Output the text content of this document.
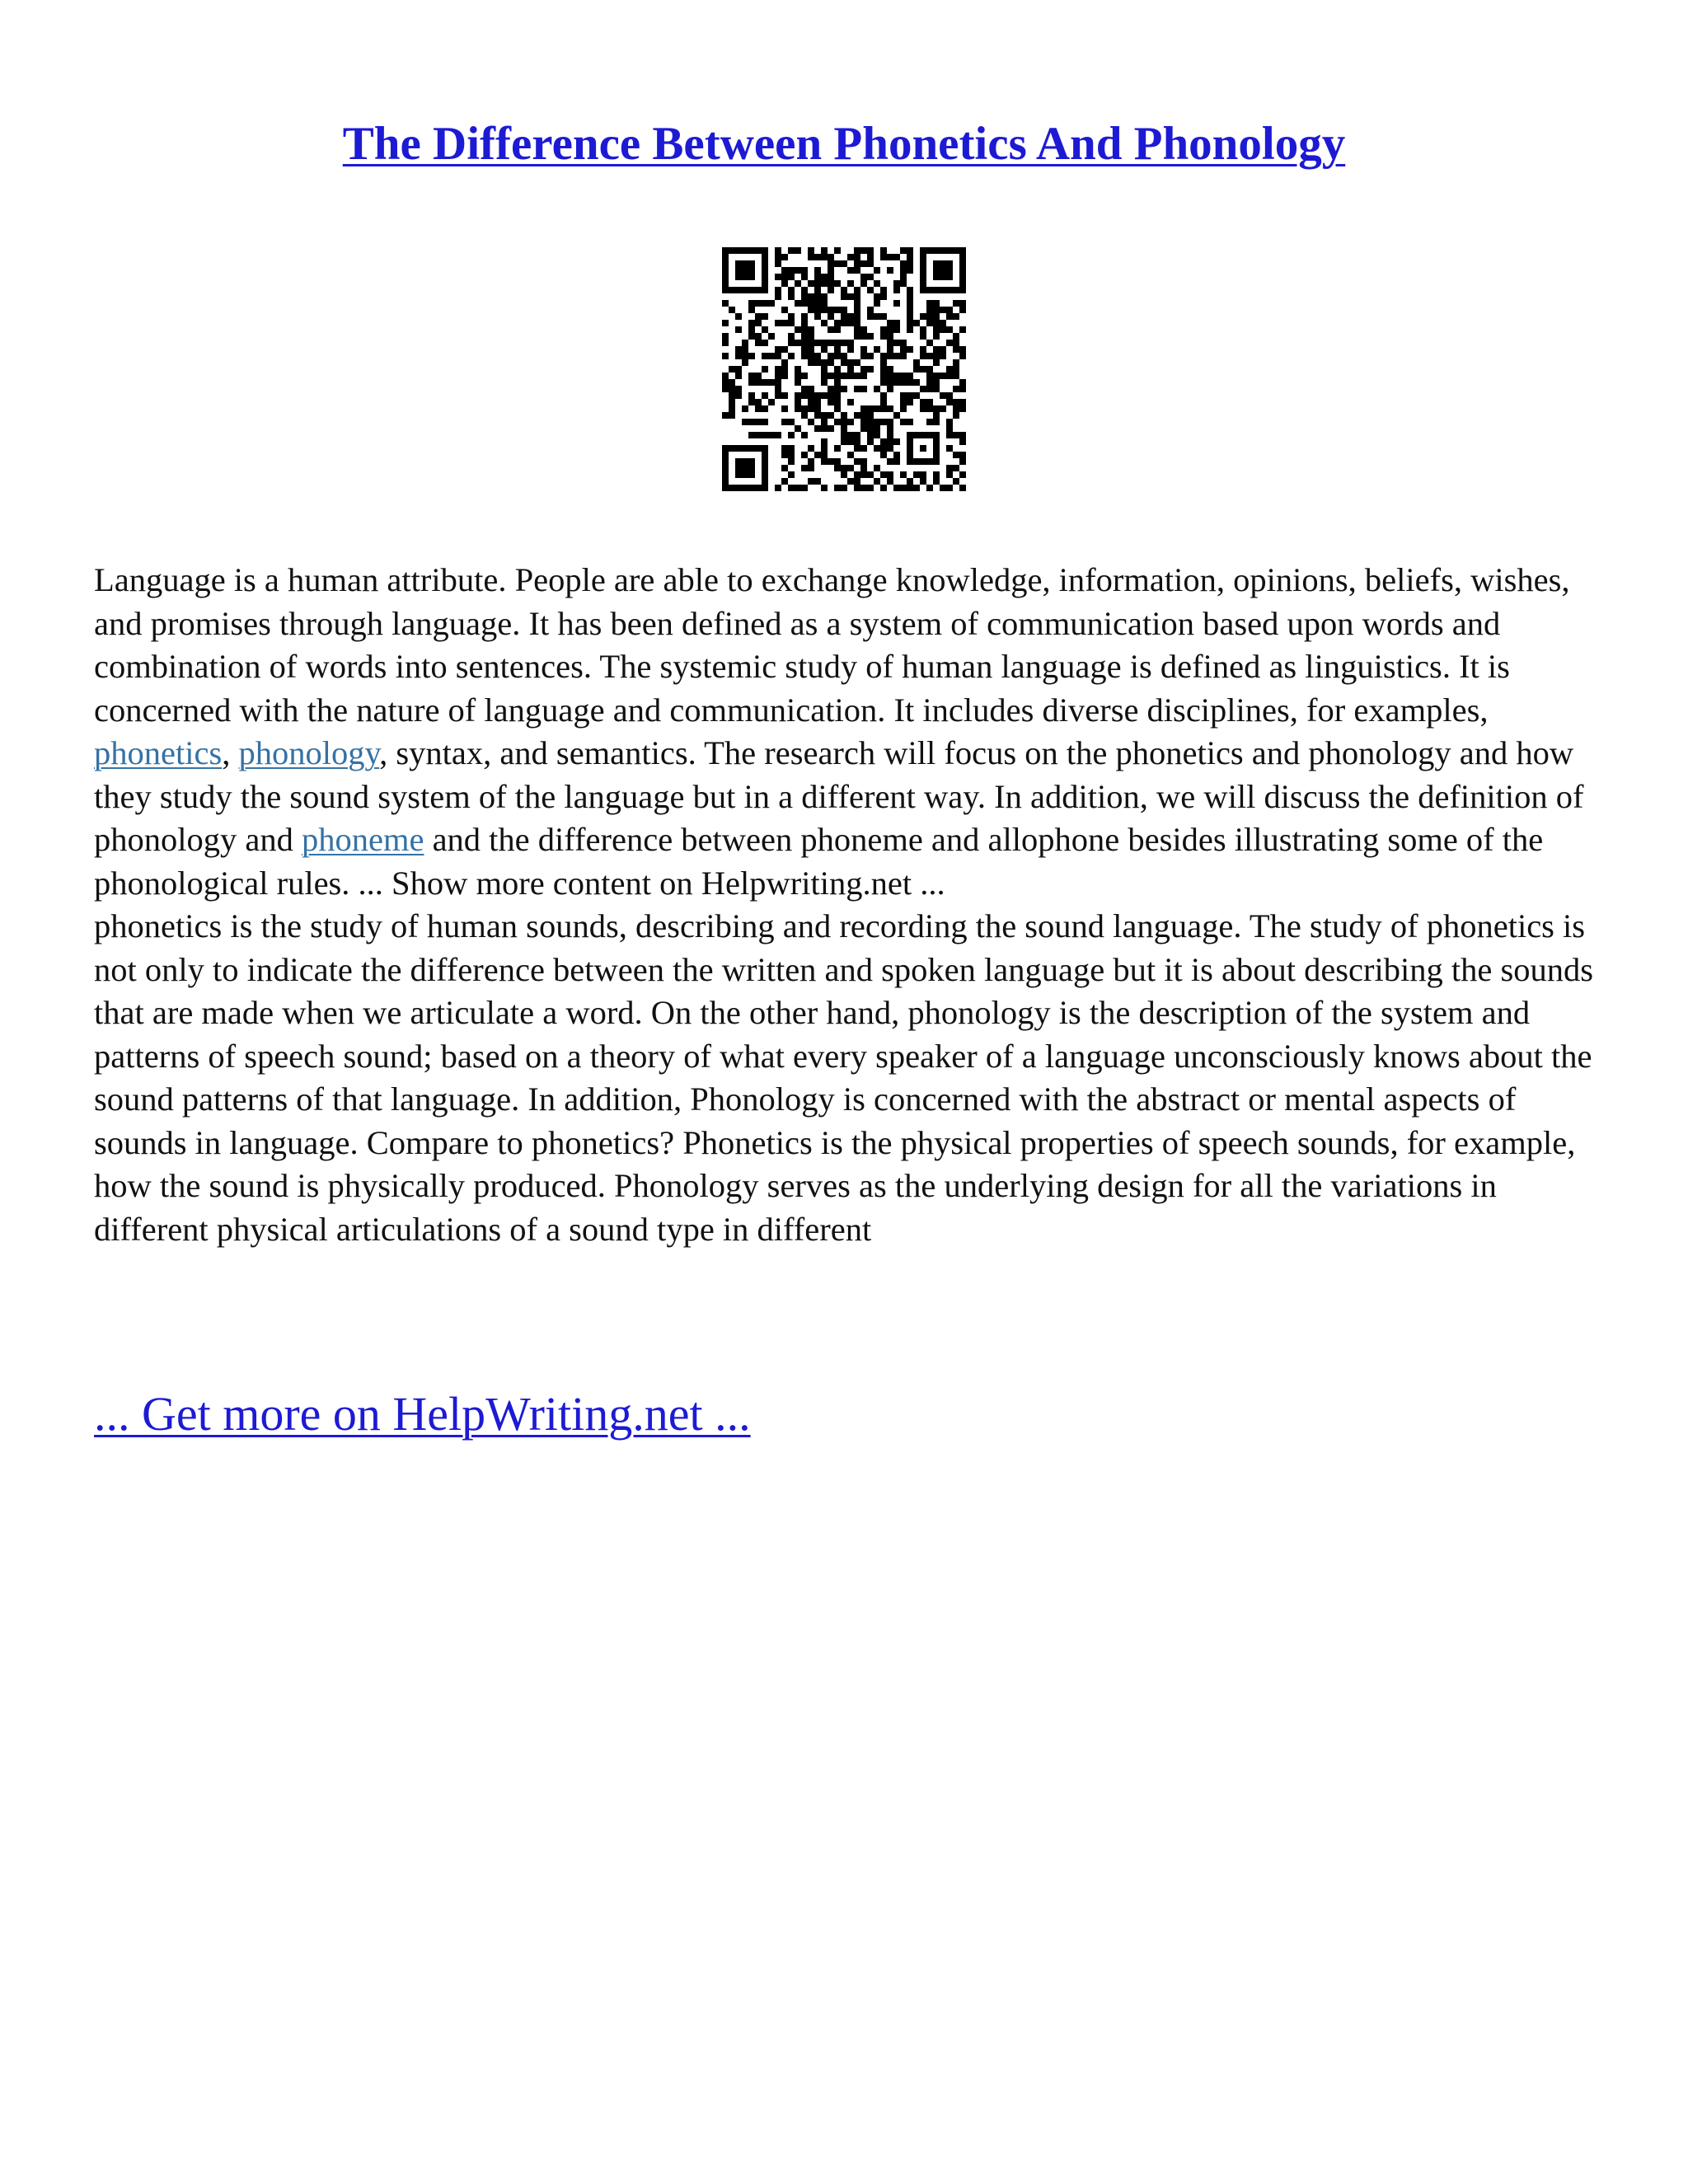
The Difference Between Phonetics And Phonology

Language is a human attribute. People are able to exchange knowledge, information, opinions, beliefs, wishes, and promises through language. It has been defined as a system of communication based upon words and combination of words into sentences. The systemic study of human language is defined as linguistics. It is concerned with the nature of language and communication. It includes diverse disciplines, for examples, phonetics, phonology, syntax, and semantics. The research will focus on the phonetics and phonology and how they study the sound system of the language but in a different way. In addition, we will discuss the definition of phonology and phoneme and the difference between phoneme and allophone besides illustrating some of the phonological rules. ... Show more content on Helpwriting.net ...

phonetics is the study of human sounds, describing and recording the sound language. The study of phonetics is not only to indicate the difference between the written and spoken language but it is about describing the sounds that are made when we articulate a word. On the other hand, phonology is the description of the system and patterns of speech sound; based on a theory of what every speaker of a language unconsciously knows about the sound patterns of that language. In addition, Phonology is concerned with the abstract or mental aspects of sounds in language. Compare to phonetics? Phonetics is the physical properties of speech sounds, for example, how the sound is physically produced. Phonology serves as the underlying design for all the variations in different physical articulations of a sound type in different

... Get more on HelpWriting.net ...
